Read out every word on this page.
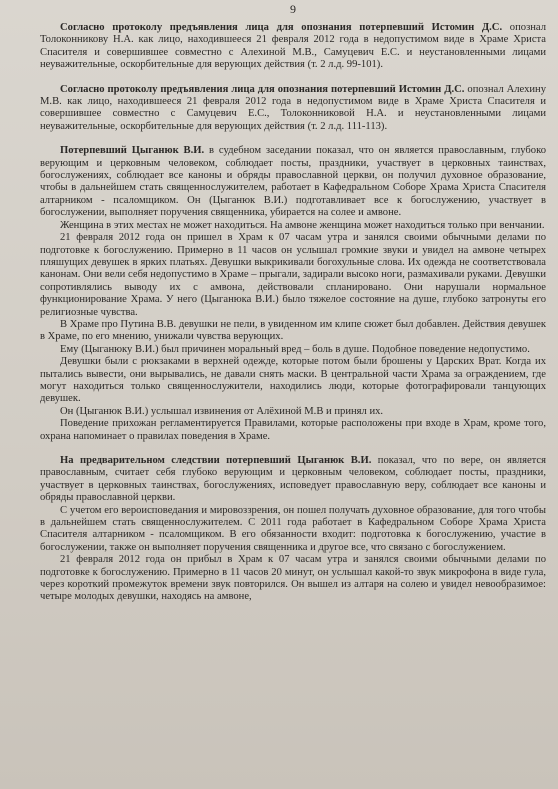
9

Согласно протоколу предъявления лица для опознания потерпевший Истомин Д.С. опознал Толоконникову Н.А. как лицо, находившееся 21 февраля 2012 года в недопустимом виде в Храме Христа Спасителя и совершившее совместно с Алехиной М.В., Самуцевич Е.С. и неустановленными лицами неуважительные, оскорбительные для верующих действия (т. 2 л.д. 99-101).

Согласно протоколу предъявления лица для опознания потерпевший Истомин Д.С. опознал Алехину М.В. как лицо, находившееся 21 февраля 2012 года в недопустимом виде в Храме Христа Спасителя и совершившее совместно с Самуцевич Е.С., Толоконниковой Н.А. и неустановленными лицами неуважительные, оскорбительные для верующих действия (т. 2 л.д. 111-113).

Потерпевший Цыганюк В.И. в судебном заседании показал, что он является православным, глубоко верующим и церковным человеком, соблюдает посты, праздники, участвует в церковных таинствах, богослужениях, соблюдает все каноны и обряды православной церкви, он получил духовное образование, чтобы в дальнейшем стать священнослужителем, работает в Кафедральном Соборе Храма Христа Спасителя алтарником - псаломщиком. Он (Цыганюк В.И.) подготавливает все к богослужению, участвует в богослужении, выполняет поручения священника, убирается на солее и амвоне.

Женщина в этих местах не может находиться. На амвоне женщина может находиться только при венчании.

21 февраля 2012 года он пришел в Храм к 07 часам утра и занялся своими обычными делами по подготовке к богослужению. Примерно в 11 часов он услышал громкие звуки и увидел на амвоне четырех пляшущих девушек в ярких платьях. Девушки выкрикивали богохульные слова. Их одежда не соответствовала канонам. Они вели себя недопустимо в Храме – прыгали, задирали высоко ноги, размахивали руками. Девушки сопротивлялись выводу их с амвона, действовали спланировано. Они нарушали нормальное функционирование Храма. У него (Цыганюка В.И.) было тяжелое состояние на душе, глубоко затронуты его религиозные чувства.

В Храме про Путина В.В. девушки не пели, в увиденном им клипе сюжет был добавлен. Действия девушек в Храме, по его мнению, унижали чувства верующих.

Ему (Цыганюку В.И.) был причинен моральный вред – боль в душе. Подобное поведение недопустимо.

Девушки были с рюкзаками в верхней одежде, которые потом были брошены у Царских Врат. Когда их пытались вывести, они вырывались, не давали снять маски. В центральной части Храма за ограждением, где могут находиться только священнослужители, находились люди, которые фотографировали танцующих девушек.

Он (Цыганюк В.И.) услышал извинения от Алёхиной М.В и принял их.

Поведение прихожан регламентируется Правилами, которые расположены при входе в Храм, кроме того, охрана напоминает о правилах поведения в Храме.

На предварительном следствии потерпевший Цыганюк В.И. показал, что по вере, он является православным, считает себя глубоко верующим и церковным человеком, соблюдает посты, праздники, участвует в церковных таинствах, богослужениях, исповедует православную веру, соблюдает все каноны и обряды православной церкви.

С учетом его вероисповедания и мировоззрения, он пошел получать духовное образование, для того чтобы в дальнейшем стать священнослужителем. С 2011 года работает в Кафедральном Соборе Храма Христа Спасителя алтарником - псаломщиком. В его обязанности входит: подготовка к богослужению, участие в богослужении, также он выполняет поручения священника и другое все, что связано с богослужением.

21 февраля 2012 года он прибыл в Храм к 07 часам утра и занялся своими обычными делами по подготовке к богослужению. Примерно в 11 часов 20 минут, он услышал какой-то звук микрофона в виде гула, через короткий промежуток времени звук повторился. Он вышел из алтаря на солею и увидел невообразимое: четыре молодых девушки, находясь на амвоне,
